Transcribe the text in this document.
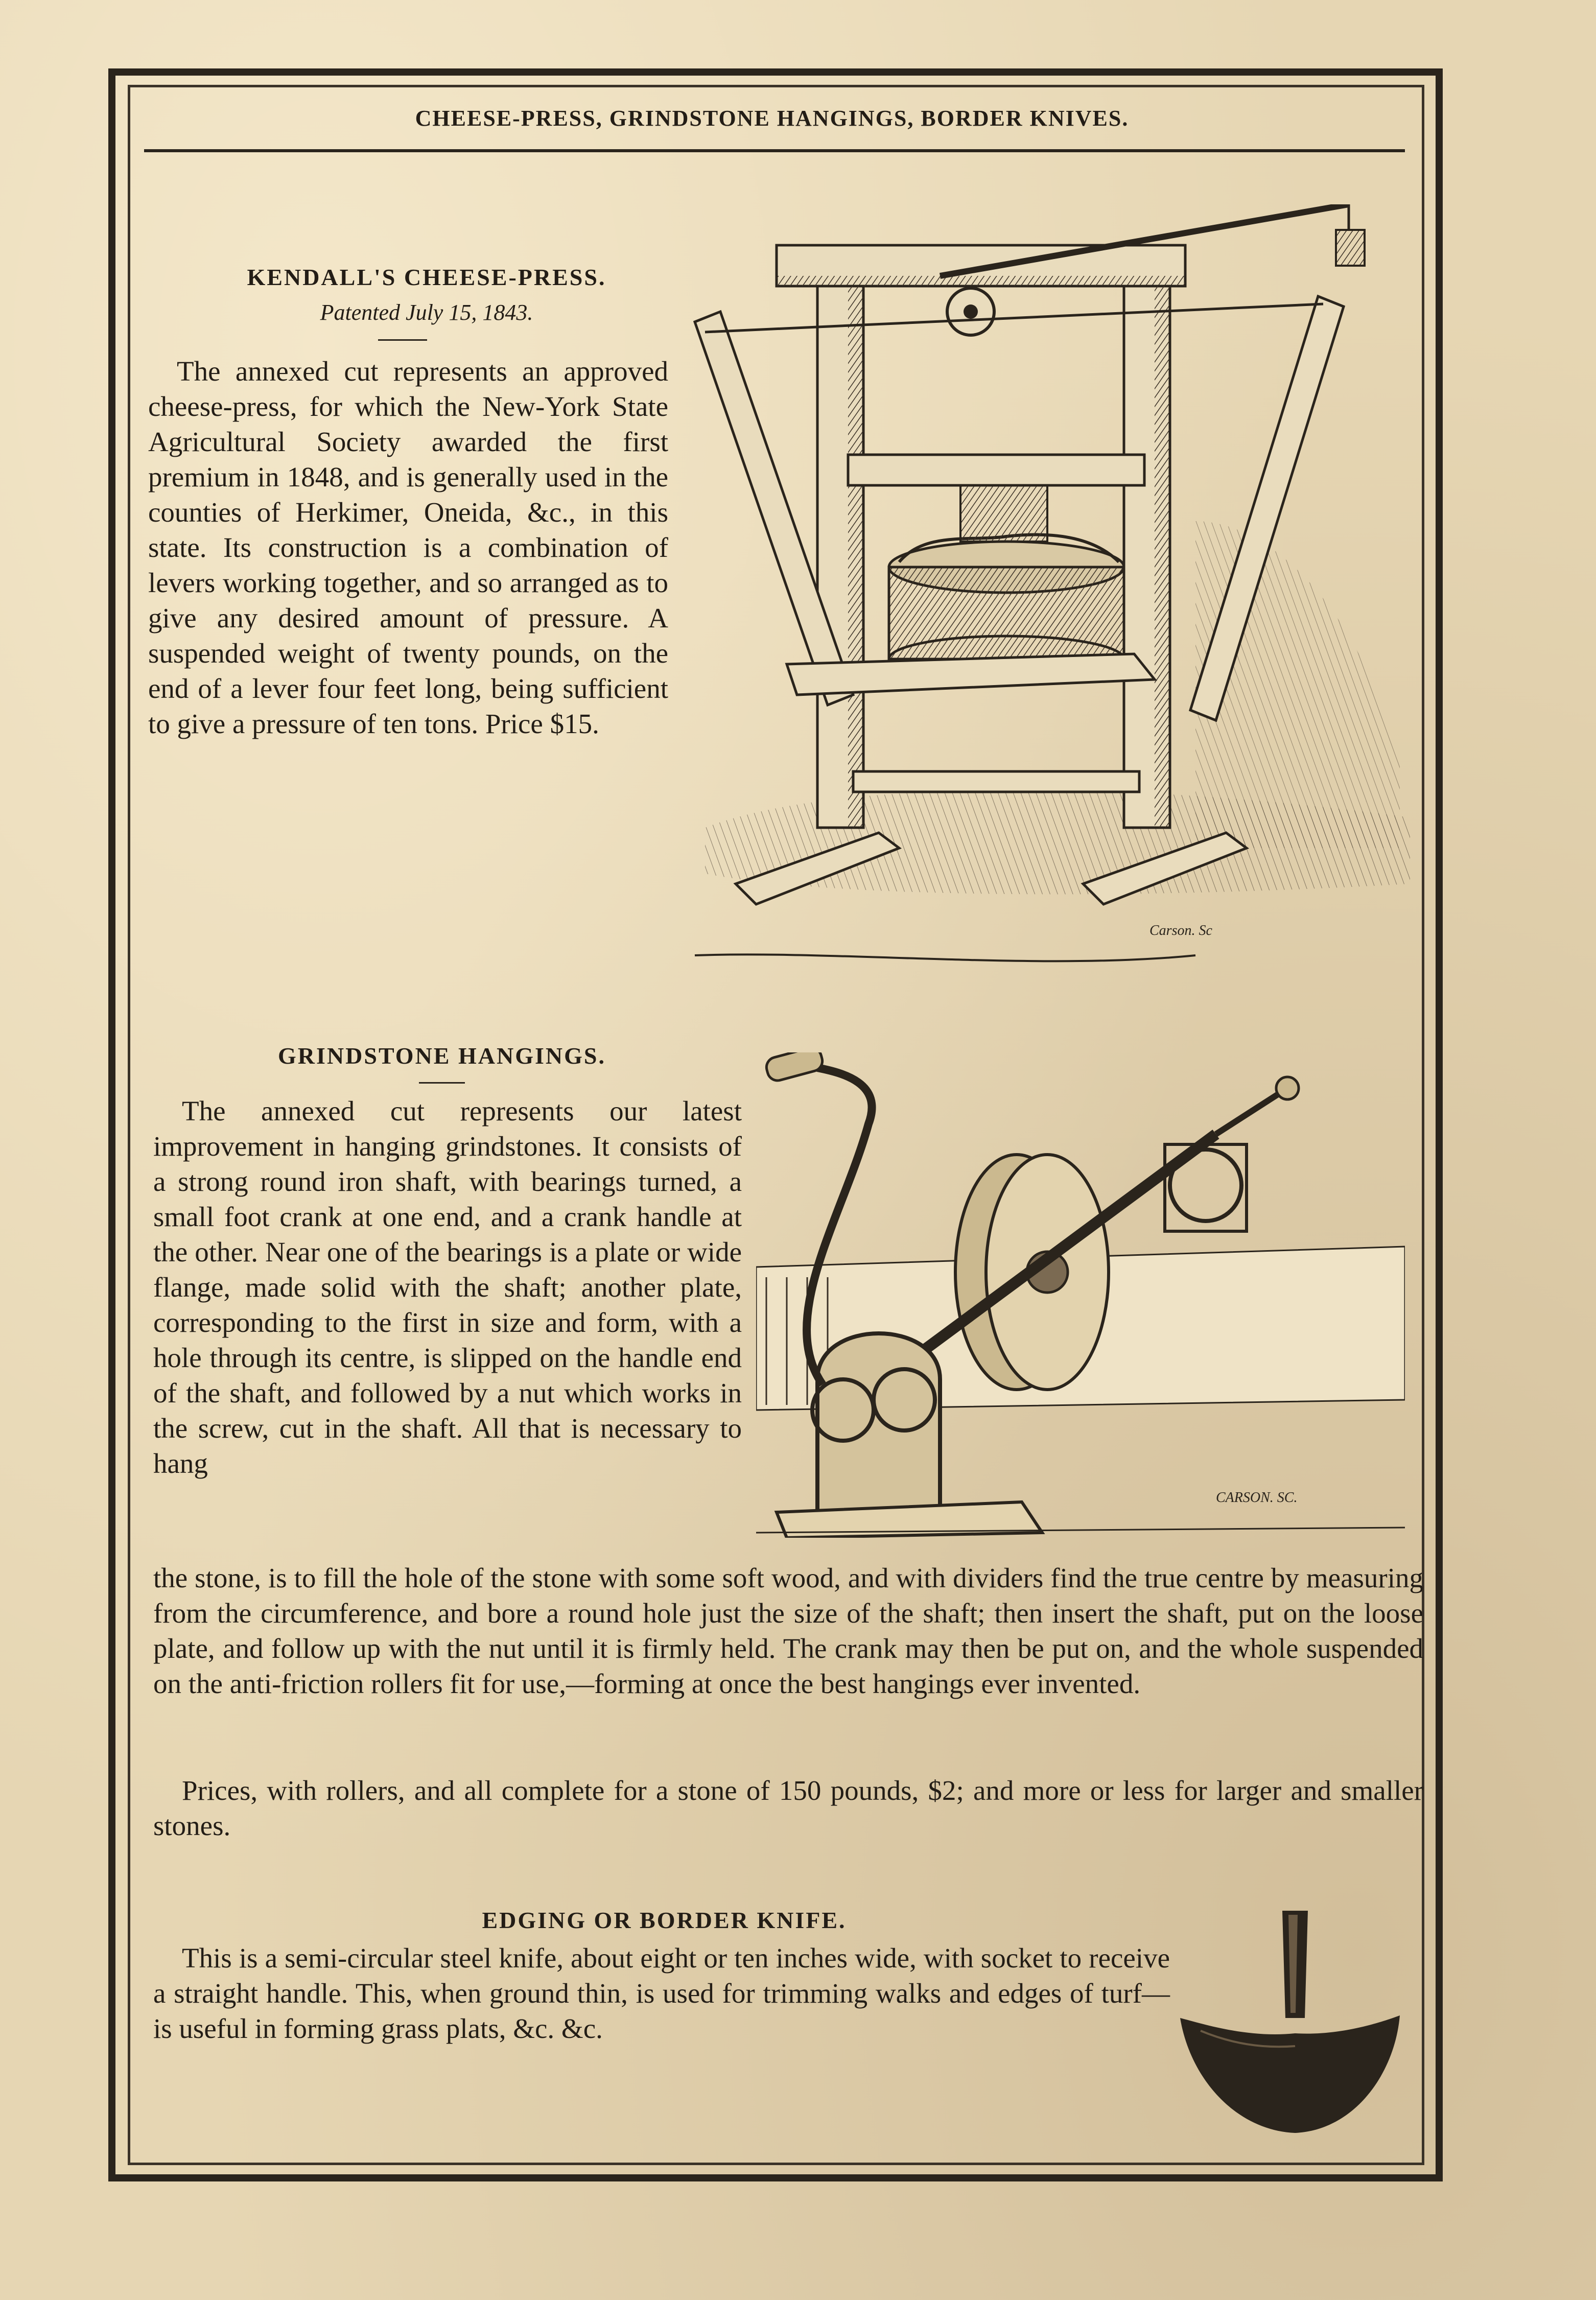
CHEESE-PRESS, GRINDSTONE HANGINGS, BORDER KNIVES.
KENDALL'S CHEESE-PRESS.
Patented July 15, 1843.

The annexed cut represents an approved cheese-press, for which the New-York State Agricultural Society awarded the first premium in 1848, and is generally used in the counties of Herkimer, Oneida, &c., in this state. Its construction is a combination of levers working together, and so arranged as to give any desired amount of pressure. A suspended weight of twenty pounds, on the end of a lever four feet long, being sufficient to give a pressure of ten tons. Price $15.

Carson. Sc
GRINDSTONE HANGINGS.

The annexed cut represents our latest improvement in hanging grindstones. It consists of a strong round iron shaft, with bearings turned, a small foot crank at one end, and a crank handle at the other. Near one of the bearings is a plate or wide flange, made solid with the shaft; another plate, corresponding to the first in size and form, with a hole through its centre, is slipped on the handle end of the shaft, and followed by a nut which works in the screw, cut in the shaft. All that is necessary to hang

the stone, is to fill the hole of the stone with some soft wood, and with dividers find the true centre by measuring from the circumference, and bore a round hole just the size of the shaft; then insert the shaft, put on the loose plate, and follow up with the nut until it is firmly held. The crank may then be put on, and the whole suspended on the anti-friction rollers fit for use,—forming at once the best hangings ever invented.

Prices, with rollers, and all complete for a stone of 150 pounds, $2; and more or less for larger and smaller stones.

CARSON. SC.
EDGING OR BORDER KNIFE.

This is a semi-circular steel knife, about eight or ten inches wide, with socket to receive a straight handle. This, when ground thin, is used for trimming walks and edges of turf—is useful in forming grass plats, &c. &c.
